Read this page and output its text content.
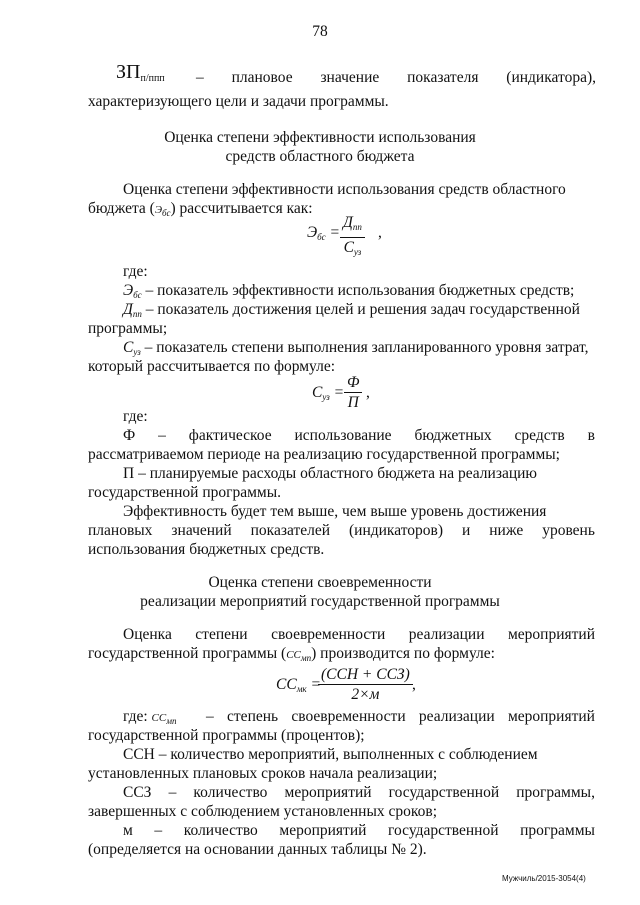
78
$ЗП_{п/ппп}$ – плановое значение показателя (индикатора),
характеризующего цели и задачи программы.
Оценка степени эффективности использования
средств областного бюджета
Оценка степени эффективности использования средств областного
бюджета $(Э_{бс})$ рассчитывается как:
$Э_{бс}$ =
$Д_{пп}$
$С_{уз}$
,
где:
$Э_{бс}$ – показатель эффективности использования бюджетных средств;
$Д_{пп}$ – показатель достижения целей и решения задач государственной
программы;
$С_{уз}$ – показатель степени выполнения запланированного уровня затрат,
который рассчитывается по формуле:
$С_{уз}$ =
Ф
П
,
где:
Ф – фактическое использование бюджетных средств в
рассматриваемом периоде на реализацию государственной программы;
П – планируемые расходы областного бюджета на реализацию
государственной программы.
Эффективность будет тем выше, чем выше уровень достижения
плановых значений показателей (индикаторов) и ниже уровень
использования бюджетных средств.
Оценка степени своевременности
реализации мероприятий государственной программы
Оценка степени своевременности реализации мероприятий
государственной программы $(СС_{мп})$ производится по формуле:
$СС_{мк}$ =
(ССН + ССЗ)
2×м
,
где: $СС_{мп}$ – степень своевременности реализации мероприятий
государственной программы (процентов);
ССН – количество мероприятий, выполненных с соблюдением
установленных плановых сроков начала реализации;
ССЗ – количество мероприятий государственной программы,
завершенных с соблюдением установленных сроков;
м – количество мероприятий государственной программы
(определяется на основании данных таблицы № 2).
Мужчиль/2015-3054(4)
